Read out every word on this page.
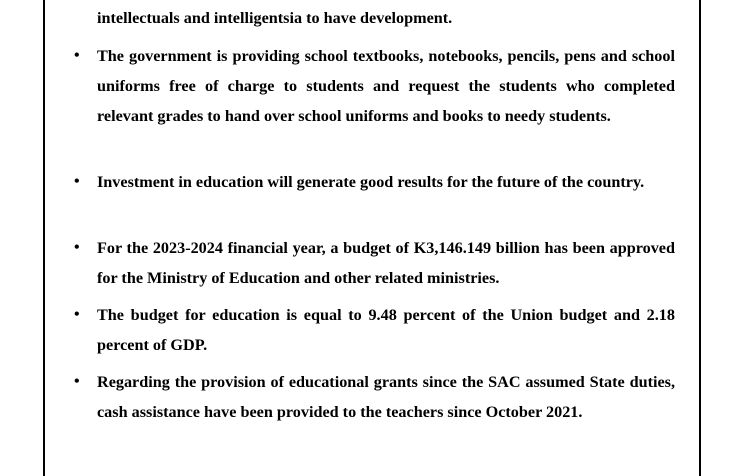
intellectuals and intelligentsia to have development.
• The government is providing school textbooks, notebooks, pencils, pens and school uniforms free of charge to students and request the students who completed relevant grades to hand over school uniforms and books to needy students.
• Investment in education will generate good results for the future of the country.
• For the 2023-2024 financial year, a budget of K3,146.149 billion has been approved for the Ministry of Education and other related ministries.
• The budget for education is equal to 9.48 percent of the Union budget and 2.18 percent of GDP.
• Regarding the provision of educational grants since the SAC assumed State duties, cash assistance have been provided to the teachers since October 2021.
